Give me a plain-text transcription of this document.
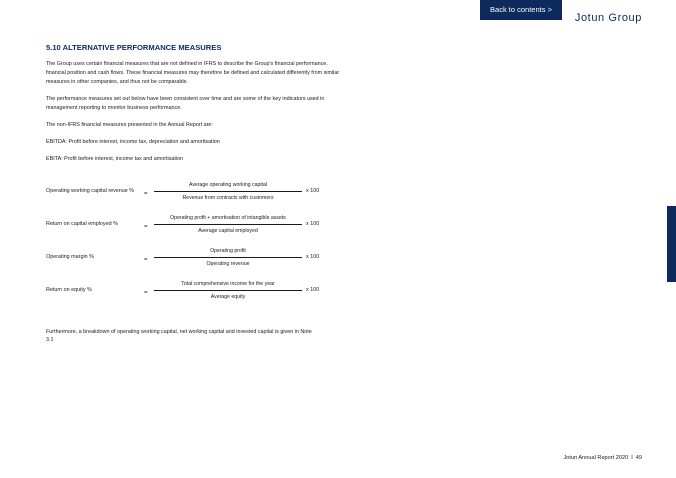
Back to contents >
Jotun Group
5.10 ALTERNATIVE PERFORMANCE MEASURES

The Group uses certain financial measures that are not defined in IFRS to describe the Group's financial performance, financial position and cash flows. These financial measures may therefore be defined and calculated differently from similar measures in other companies, and thus not be comparable.

The performance measures set out below have been consistent over time and are some of the key indicators used in management reporting to monitor business performance.

The non-IFRS financial measures presented in the Annual Report are:

EBITDA: Profit before interest, income tax, depreciation and amortisation

EBITA: Profit before interest, income tax and amortisation

Operating working capital revenue %	=
Average operating working capital
Revenue from contracts with customers
x 100
Return on capital employed %	=
Operating profit + amortisation of intangible assets
Average capital employed
x 100
Operating margin %	=
Operating profit
Operating revenue
x 100
Return on equity %	=
Total comprehensive income for the year
Average equity
x 100

Furthermore, a breakdown of operating working capital, net working capital and invested capital is given in Note 3.1

Jotun Annual Report 2020 I 49
